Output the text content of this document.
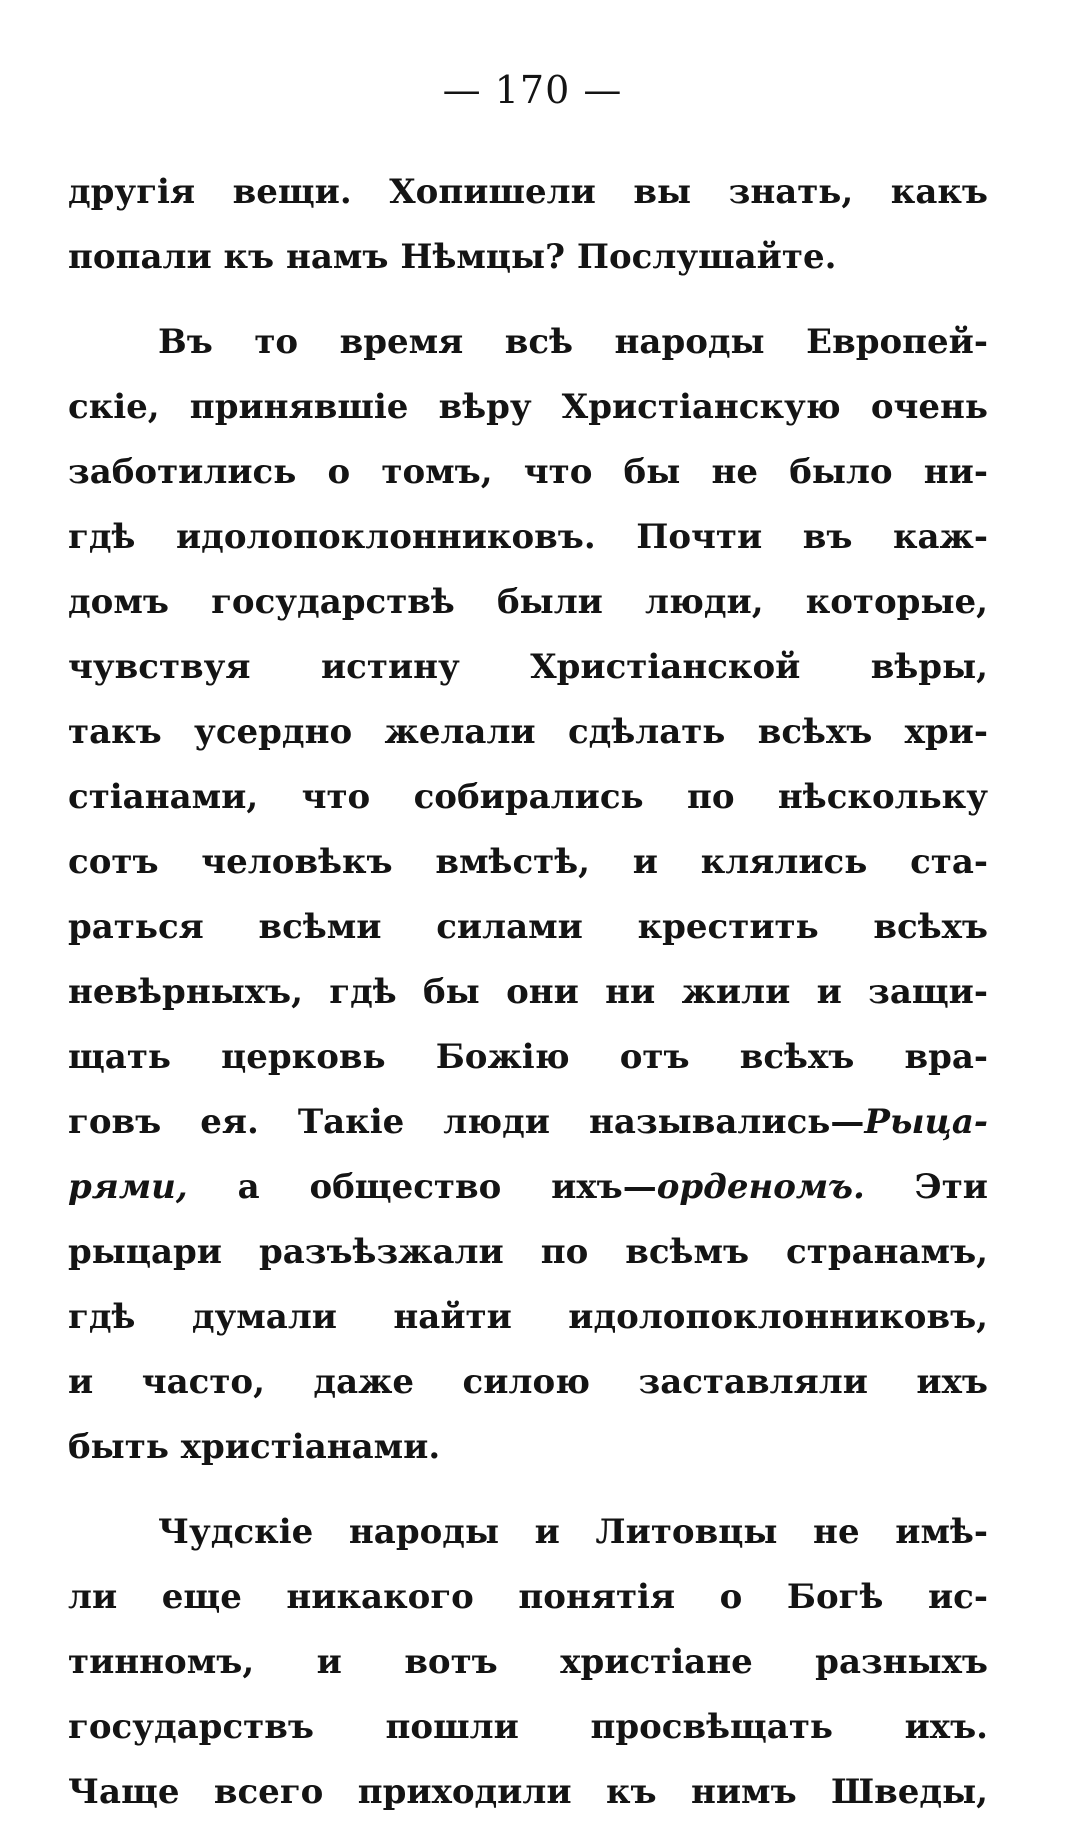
— 170 —
другія вещи. Хопишели вы знать, какъ
попали къ намъ Нѣмцы? Послушайте.
Въ то время всѣ народы Европей-
скіе, принявшіе вѣру Христіанскую очень
заботились о томъ, что бы не было ни-
гдѣ идолопоклонниковъ. Почти въ каж-
домъ государствѣ были люди, которые,
чувствуя истину Христіанской вѣры,
такъ усердно желали сдѣлать всѣхъ хри-
стіанами, что собирались по нѣскольку
сотъ человѣкъ вмѣстѣ, и клялись ста-
раться всѣми силами крестить всѣхъ
невѣрныхъ, гдѣ бы они ни жили и защи-
щать церковь Божію отъ всѣхъ вра-
говъ ея. Такіе люди назывались—Рыца-
рями, а общество ихъ—орденомъ. Эти
рыцари разъѣзжали по всѣмъ странамъ,
гдѣ думали найти идолопоклонниковъ,
и часто, даже силою заставляли ихъ
быть христіанами.
Чудскіе народы и Литовцы не имѣ-
ли еще никакого понятія о Богѣ ис-
тинномъ, и вотъ христіане разныхъ
государствъ пошли просвѣщать ихъ.
Чаще всего приходили къ нимъ Шведы,
